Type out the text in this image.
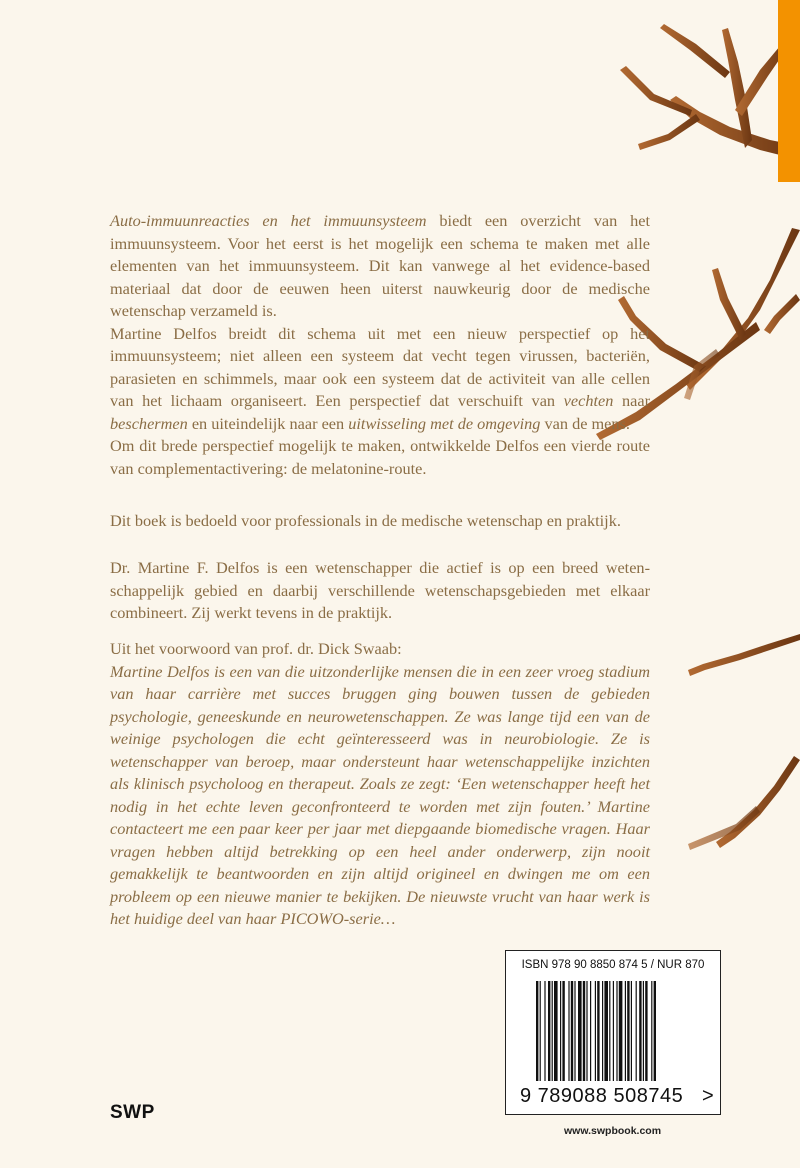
Auto-immuunreacties en het immuunsysteem biedt een overzicht van het immuunsysteem. Voor het eerst is het mogelijk een schema te maken met alle elementen van het immuunsysteem. Dit kan vanwege al het evidence-based materiaal dat door de eeuwen heen uiterst nauwkeurig door de medische wetenschap verzameld is.

Martine Delfos breidt dit schema uit met een nieuw perspectief op het immuunsysteem; niet alleen een systeem dat vecht tegen virussen, bacteriën, parasieten en schimmels, maar ook een systeem dat de activiteit van alle cellen van het lichaam organiseert. Een perspectief dat verschuift van vechten naar beschermen en uiteindelijk naar een uitwisseling met de omgeving van de mens.

Om dit brede perspectief mogelijk te maken, ontwikkelde Delfos een vierde route van complementactivering: de melatonine-route.

Dit boek is bedoeld voor professionals in de medische wetenschap en praktijk.
Dr. Martine F. Delfos is een wetenschapper die actief is op een breed weten-schappelijk gebied en daarbij verschillende wetenschapsgebieden met elkaar combineert. Zij werkt tevens in de praktijk.

Uit het voorwoord van prof. dr. Dick Swaab:

Martine Delfos is een van die uitzonderlijke mensen die in een zeer vroeg stadium van haar carrière met succes bruggen ging bouwen tussen de gebieden psychologie, geneeskunde en neurowetenschappen. Ze was lange tijd een van de weinige psychologen die echt geïnteresseerd was in neurobiologie. Ze is wetenschapper van beroep, maar ondersteunt haar wetenschappelijke inzichten als klinisch psycholoog en therapeut. Zoals ze zegt: ‘Een wetenschapper heeft het nodig in het echte leven geconfronteerd te worden met zijn fouten.’ Martine contacteert me een paar keer per jaar met diepgaande biomedische vragen. Haar vragen hebben altijd betrekking op een heel ander onderwerp, zijn nooit gemakkelijk te beantwoorden en zijn altijd origineel en dwingen me om een probleem op een nieuwe manier te bekijken. De nieuwste vrucht van haar werk is het huidige deel van haar PICOWO-serie…

ISBN 978 90 8850 874 5 / NUR 870
9 789088 508745 >
SWP
www.swpbook.com
